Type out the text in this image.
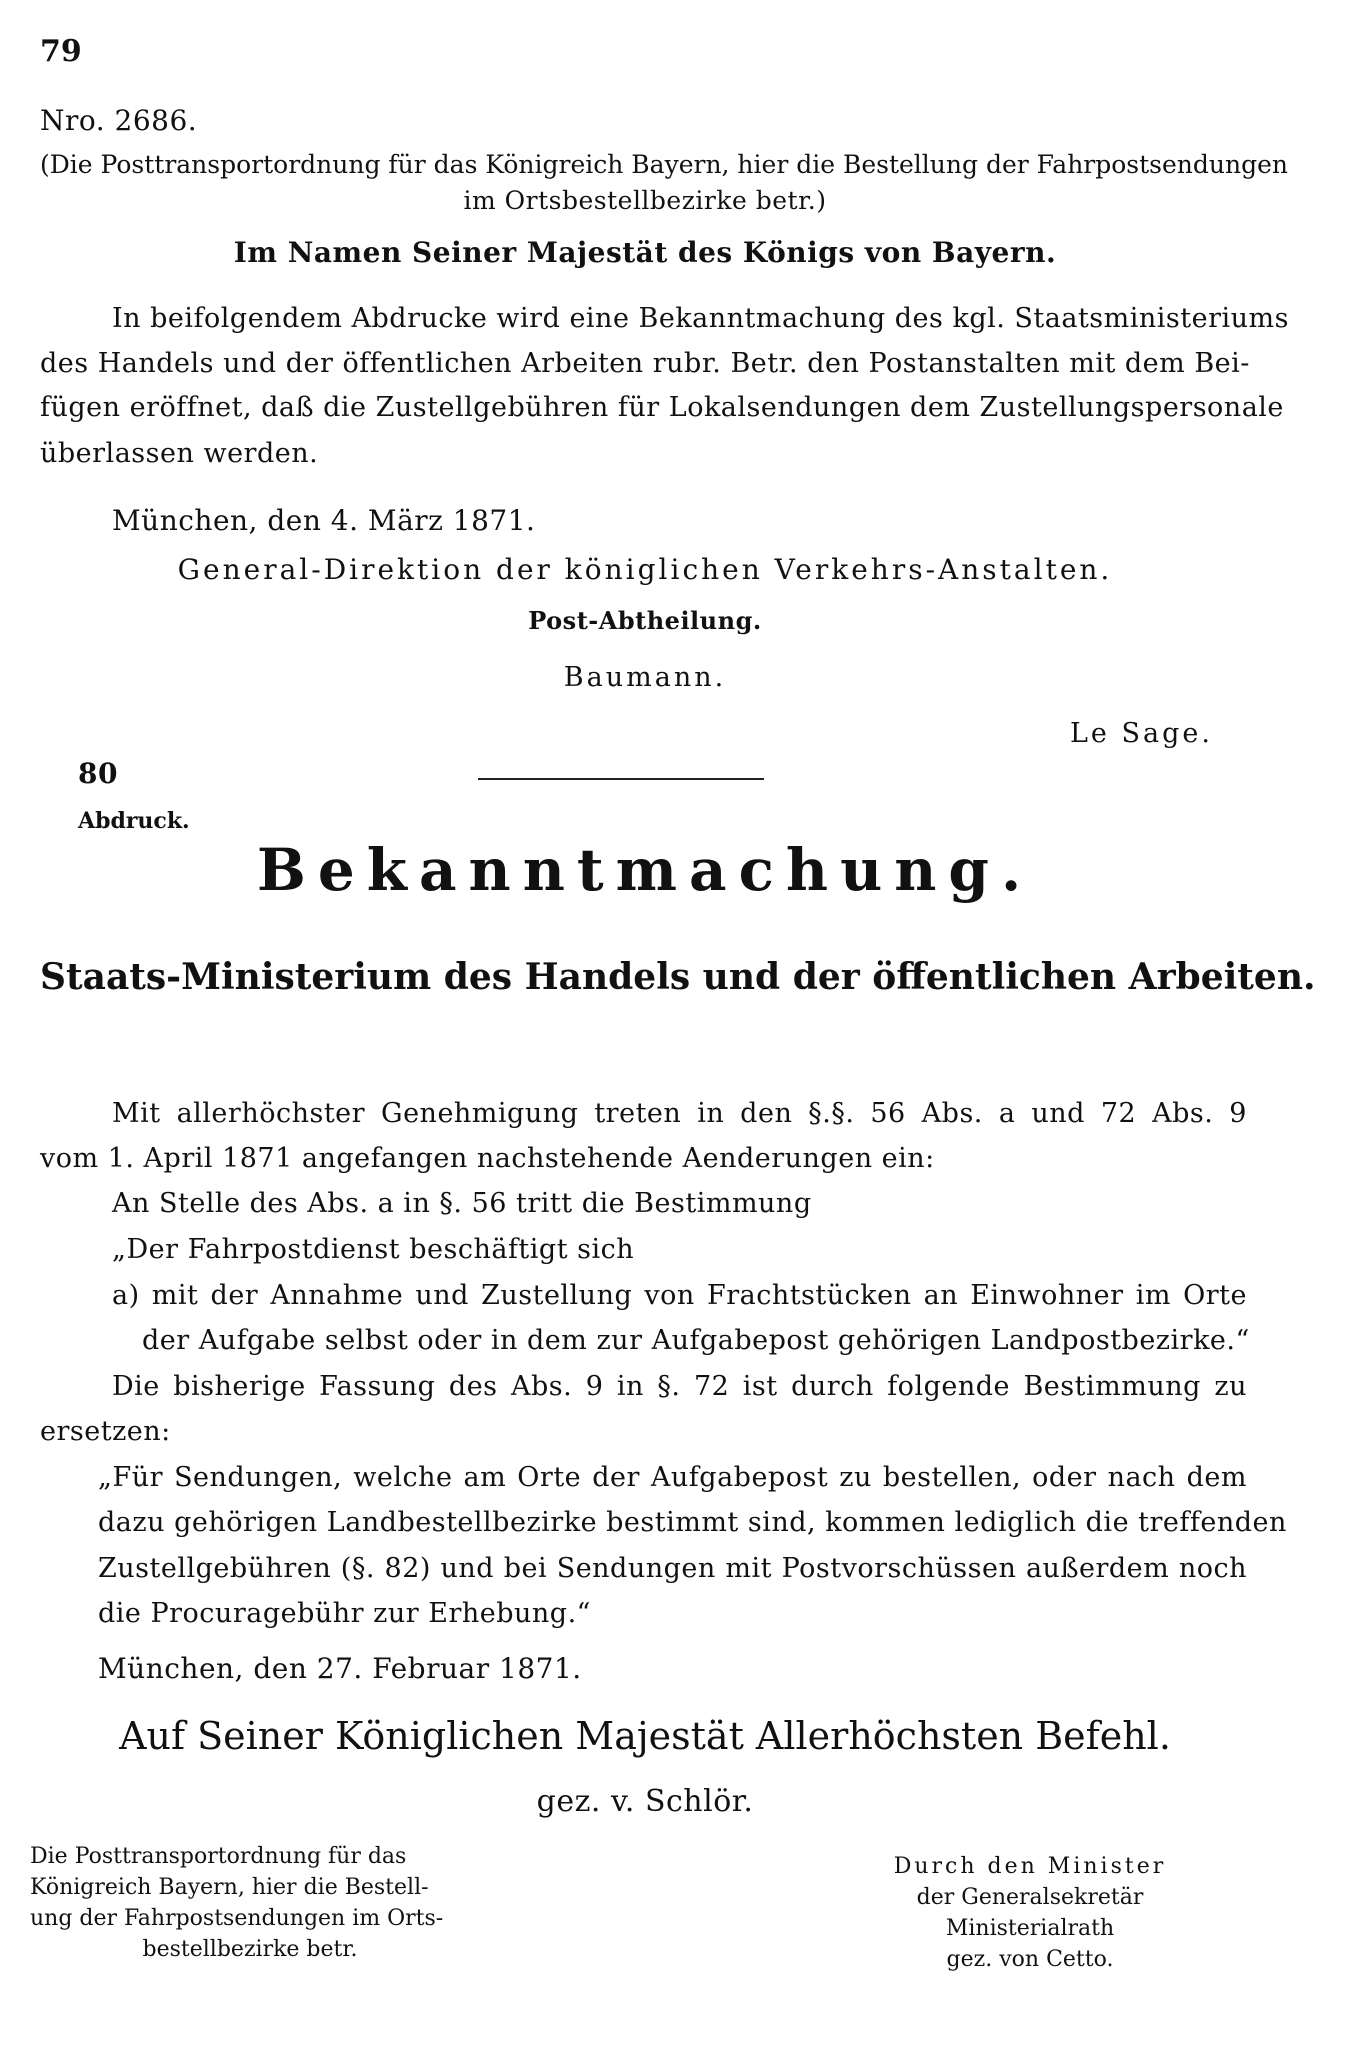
79
Nro. 2686.
(Die Posttransportordnung für das Königreich Bayern, hier die Bestellung der Fahrpostsendungen
im Ortsbestellbezirke betr.)
Im Namen Seiner Majestät des Königs von Bayern.
In beifolgendem Abdrucke wird eine Bekanntmachung des kgl. Staatsministeriums
des Handels und der öffentlichen Arbeiten rubr. Betr. den Postanstalten mit dem Bei-
fügen eröffnet, daß die Zustellgebühren für Lokalsendungen dem Zustellungspersonale
überlassen werden.
München, den 4. März 1871.
General-Direktion der königlichen Verkehrs-Anstalten.
Post-Abtheilung.
Baumann.
Le Sage.
80
Abdruck.
Bekanntmachung.
Staats-Ministerium des Handels und der öffentlichen Arbeiten.
Mit allerhöchster Genehmigung treten in den §.§. 56 Abs. a und 72 Abs. 9
vom 1. April 1871 angefangen nachstehende Aenderungen ein:
An Stelle des Abs. a in §. 56 tritt die Bestimmung
„Der Fahrpostdienst beschäftigt sich
a) mit der Annahme und Zustellung von Frachtstücken an Einwohner im Orte
der Aufgabe selbst oder in dem zur Aufgabepost gehörigen Landpostbezirke.“
Die bisherige Fassung des Abs. 9 in §. 72 ist durch folgende Bestimmung zu
ersetzen:
„Für Sendungen, welche am Orte der Aufgabepost zu bestellen, oder nach dem
dazu gehörigen Landbestellbezirke bestimmt sind, kommen lediglich die treffenden
Zustellgebühren (§. 82) und bei Sendungen mit Postvorschüssen außerdem noch
die Procuragebühr zur Erhebung.“
München, den 27. Februar 1871.
Auf Seiner Königlichen Majestät Allerhöchsten Befehl.
gez. v. Schlör.
Die Posttransportordnung für das
Königreich Bayern, hier die Bestell-
ung der Fahrpostsendungen im Orts-
bestellbezirke betr.
Durch den Minister
der Generalsekretär
Ministerialrath
gez. von Cetto.
